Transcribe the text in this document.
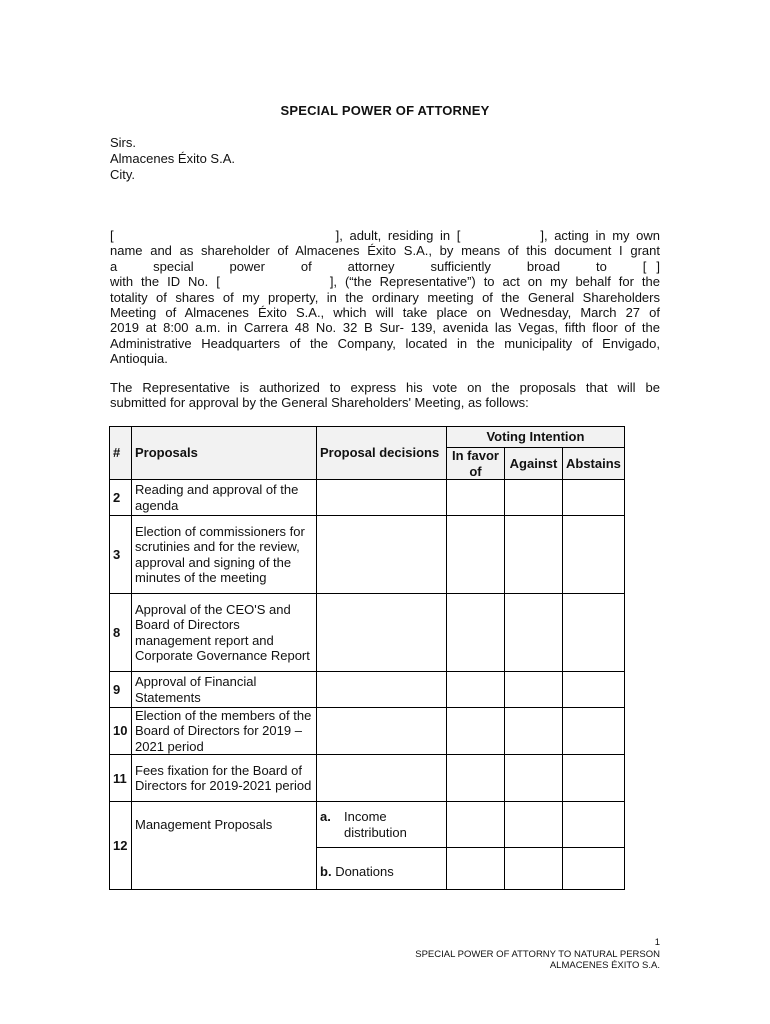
SPECIAL POWER OF ATTORNEY
Sirs.
Almacenes Éxito S.A.
City.
[	], adult, residing in [	], acting in my own
name and as shareholder of Almacenes Éxito S.A., by means of this document I grant
a special power of attorney sufficiently broad to [ ]
with the ID No. [	], (“the Representative”) to act on my behalf for the
totality of shares of my property, in the ordinary meeting of the General Shareholders
Meeting of Almacenes Éxito S.A., which will take place on Wednesday, March 27 of
2019 at 8:00 a.m. in Carrera 48 No. 32 B Sur- 139, avenida las Vegas, fifth floor of the
Administrative Headquarters of the Company, located in the municipality of Envigado,
Antioquia.
The Representative is authorized to express his vote on the proposals that will be
submitted for approval by the General Shareholders' Meeting, as follows:
#	Proposals	Proposal decisions	Voting Intention		
			In favor of	Against	Abstains
2	Reading and approval of the agenda				
3	Election of commissioners for scrutinies and for the review, approval and signing of the minutes of the meeting				
8	Approval of the CEO'S and Board of Directors management report and Corporate Governance Report				
9	Approval of Financial Statements				
10	Election of the members of the Board of Directors for 2019 – 2021 period				
11	Fees fixation for the Board of Directors for 2019-2021 period				
12	Management Proposals	a. Income distribution			

		b. Donations			

1
SPECIAL POWER OF ATTORNY TO NATURAL PERSON
ALMACENES ÉXITO S.A.
